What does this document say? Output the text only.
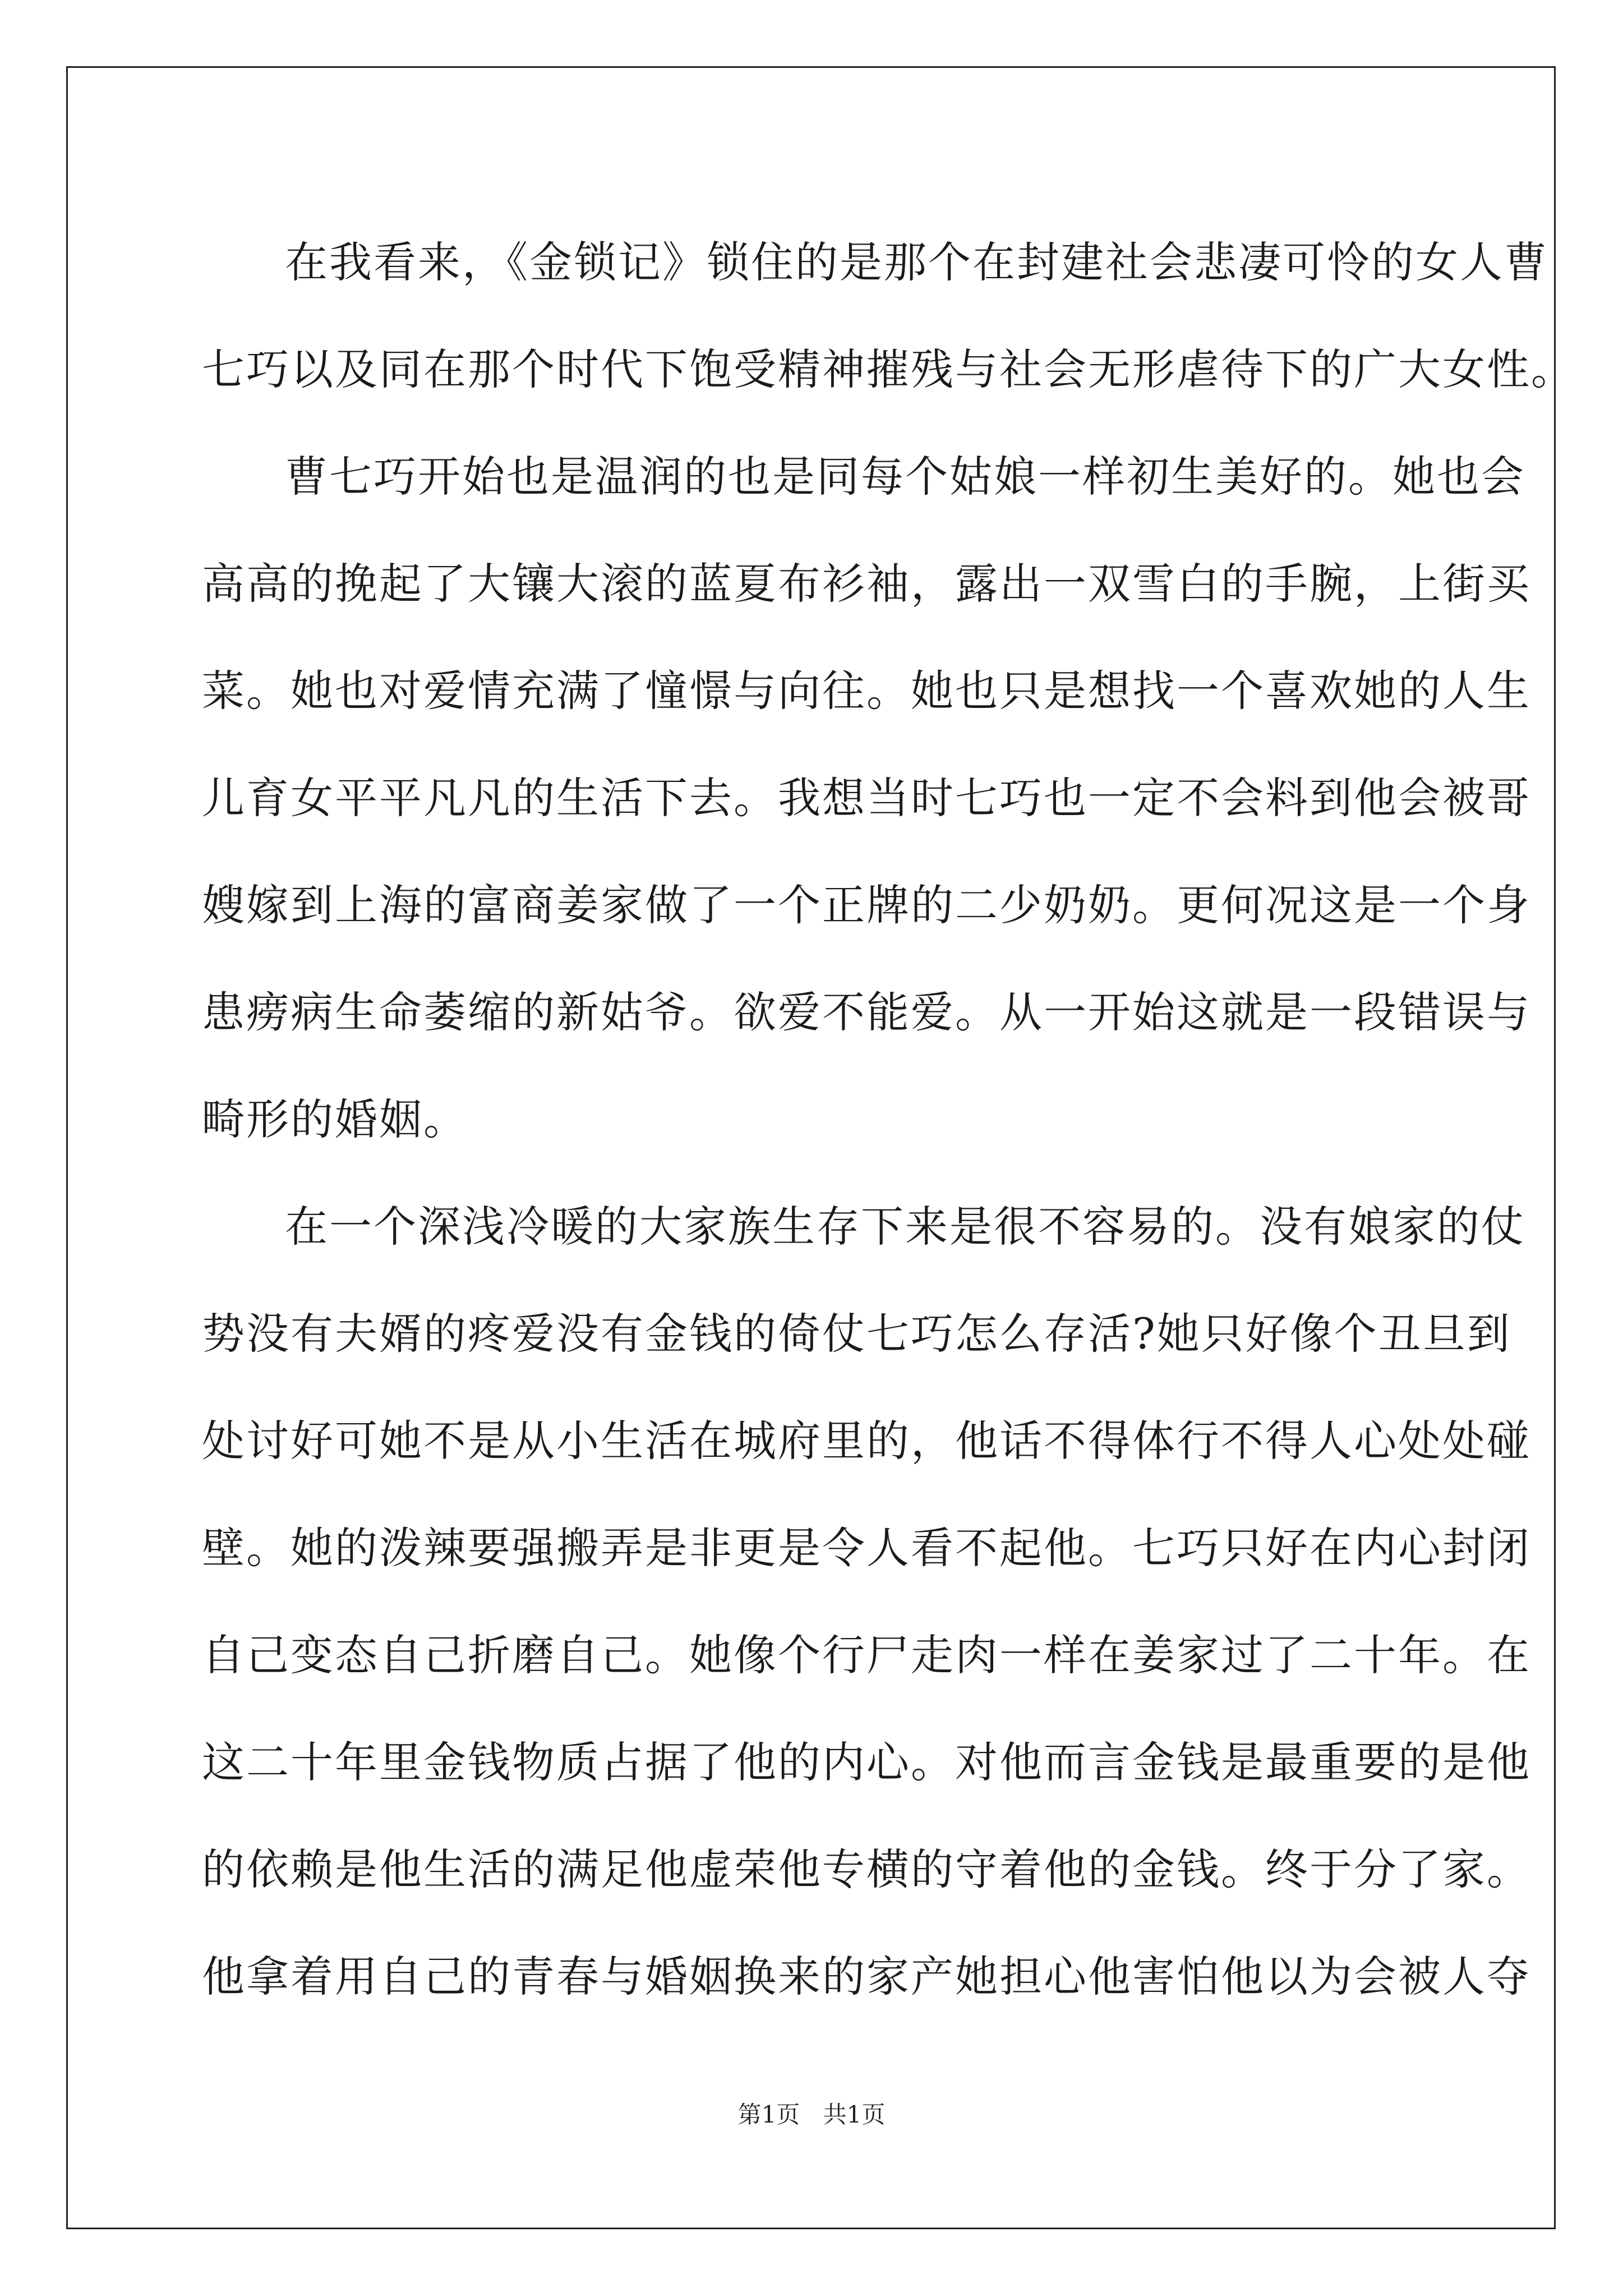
在我看来，《金锁记》锁住的是那个在封建社会悲凄可怜的女人曹
七巧以及同在那个时代下饱受精神摧残与社会无形虐待下的广大女性。
曹七巧开始也是温润的也是同每个姑娘一样初生美好的。她也会
高高的挽起了大镶大滚的蓝夏布衫袖，露出一双雪白的手腕，上街买
菜。她也对爱情充满了憧憬与向往。她也只是想找一个喜欢她的人生
儿育女平平凡凡的生活下去。我想当时七巧也一定不会料到他会被哥
嫂嫁到上海的富商姜家做了一个正牌的二少奶奶。更何况这是一个身
患痨病生命萎缩的新姑爷。欲爱不能爱。从一开始这就是一段错误与
畸形的婚姻。
在一个深浅冷暖的大家族生存下来是很不容易的。没有娘家的仗
势没有夫婿的疼爱没有金钱的倚仗七巧怎么存活?她只好像个丑旦到
处讨好可她不是从小生活在城府里的，他话不得体行不得人心处处碰
壁。她的泼辣要强搬弄是非更是令人看不起他。七巧只好在内心封闭
自己变态自己折磨自己。她像个行尸走肉一样在姜家过了二十年。在
这二十年里金钱物质占据了他的内心。对他而言金钱是最重要的是他
的依赖是他生活的满足他虚荣他专横的守着他的金钱。终于分了家。
他拿着用自己的青春与婚姻换来的家产她担心他害怕他以为会被人夺
第1页 共1页
